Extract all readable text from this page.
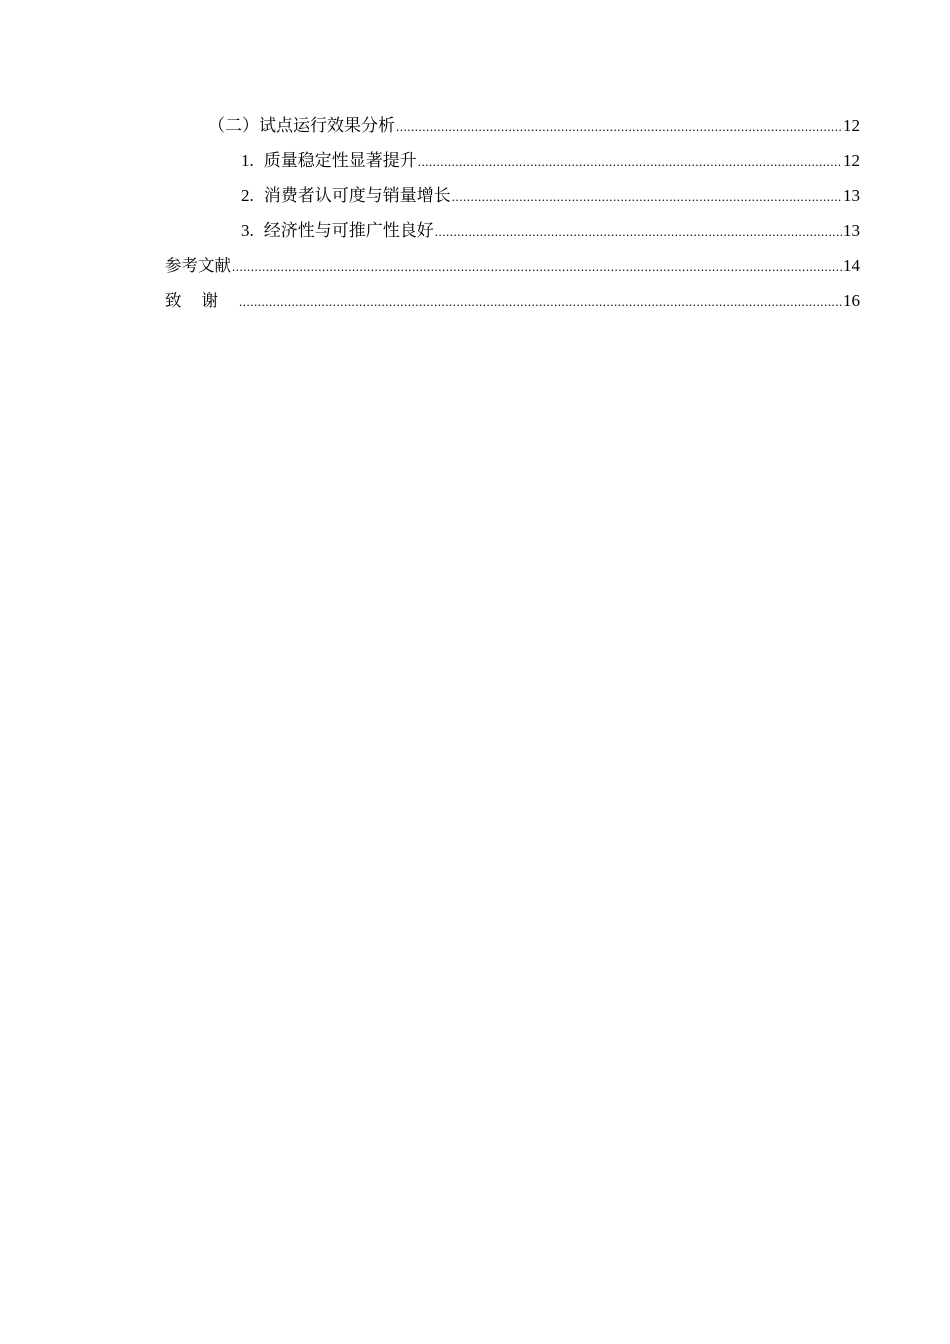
（二）试点运行效果分析 .....	12
1. 质量稳定性显著提升 .....	12
2. 消费者认可度与销量增长 .....	13
3. 经济性与可推广性良好 .....	13
参考文献 .....	14
致谢 .....	16
